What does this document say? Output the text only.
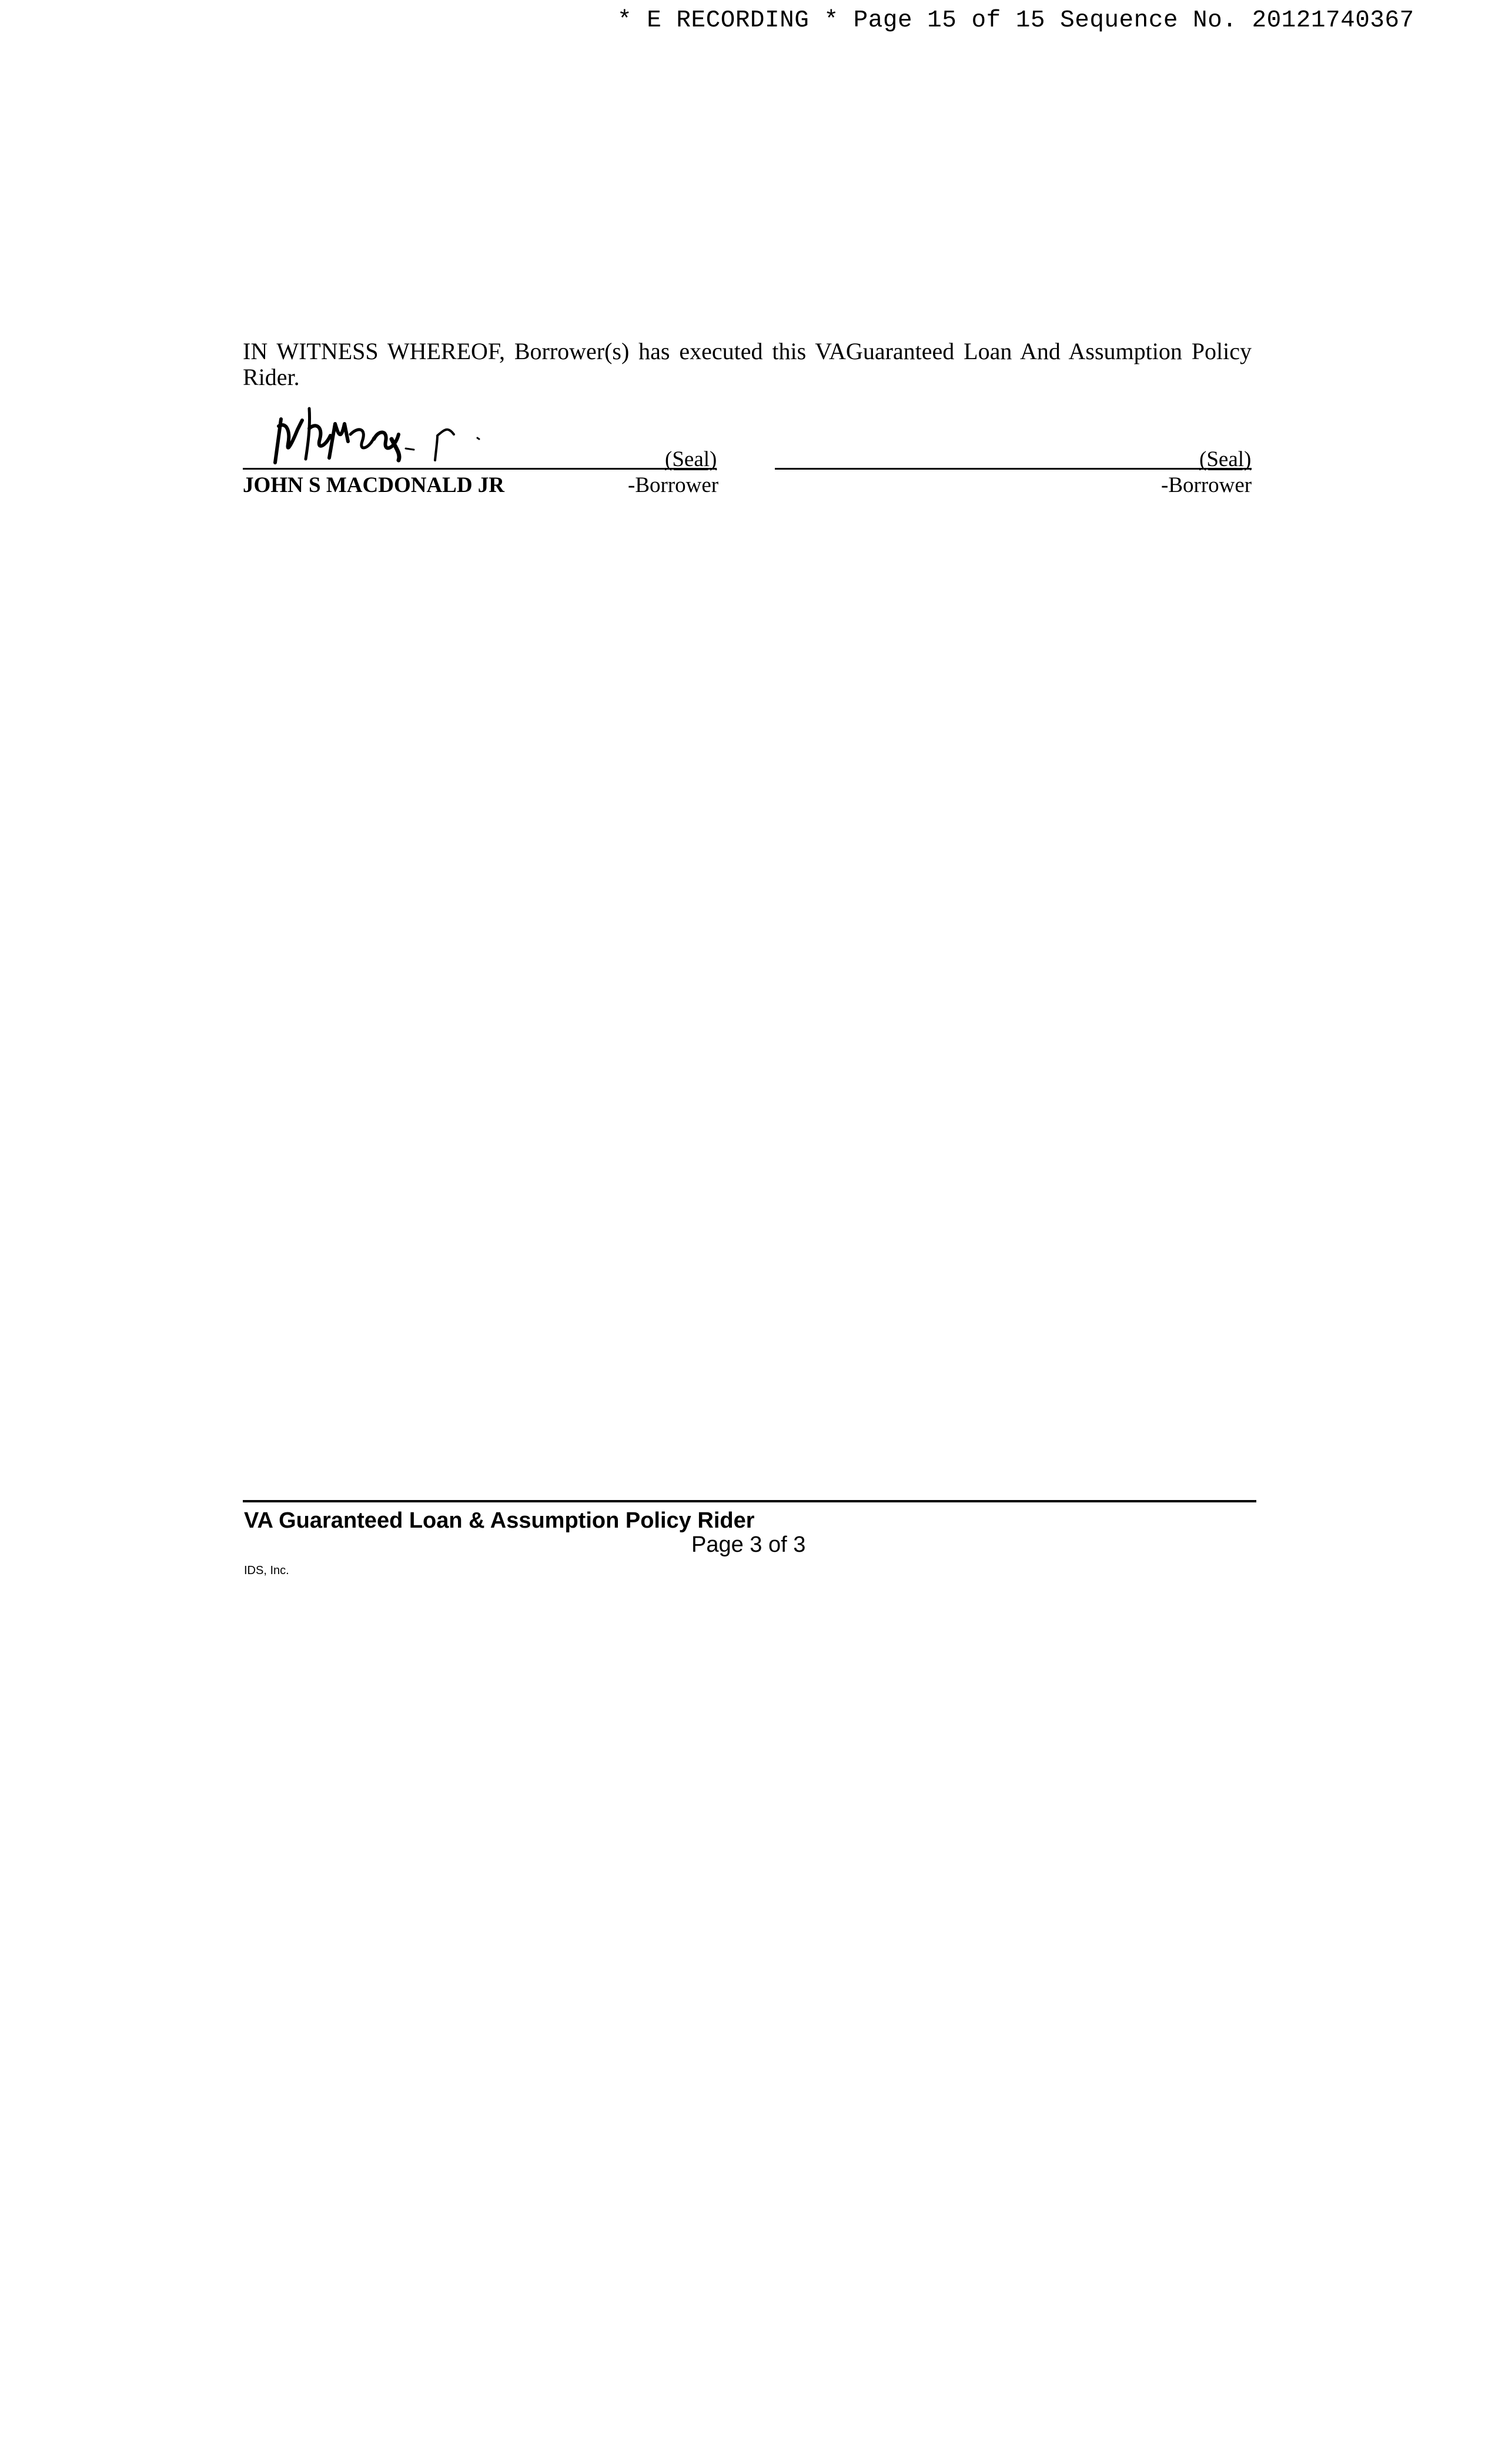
* E RECORDING * Page 15 of 15 Sequence No. 20121740367
IN WITNESS WHEREOF, Borrower(s) has executed this VAGuaranteed Loan And Assumption Policy Rider.
(Seal)
JOHN S MACDONALD JR	-Borrower
(Seal)
-Borrower
VA Guaranteed Loan & Assumption Policy Rider
Page 3 of 3
IDS, Inc.
